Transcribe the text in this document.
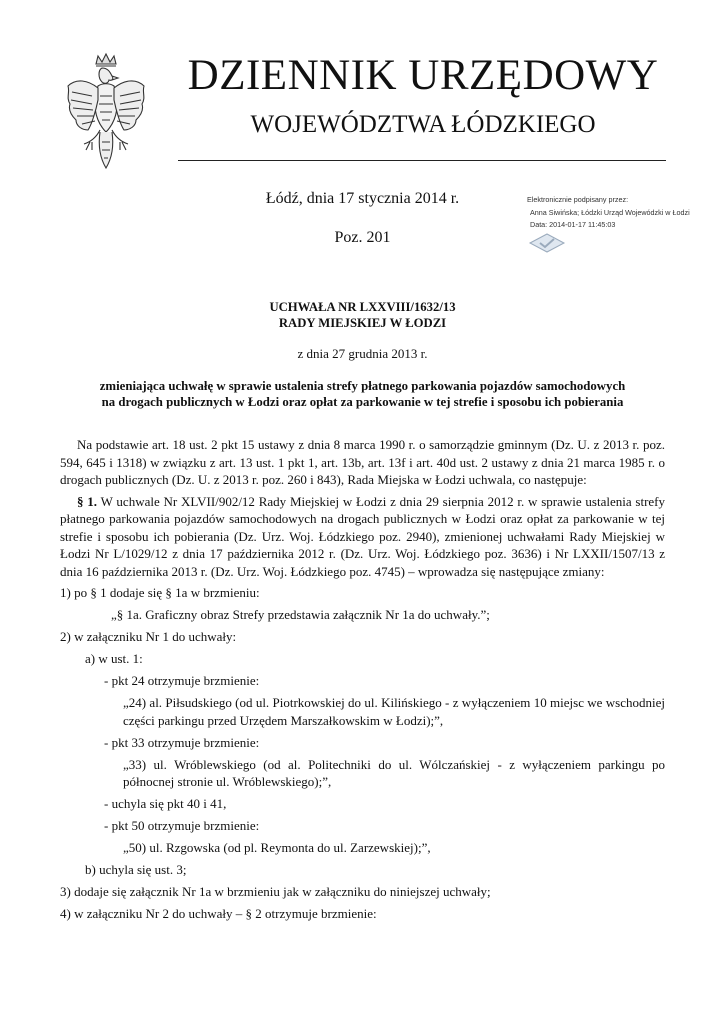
DZIENNIK URZĘDOWY
WOJEWÓDZTWA ŁÓDZKIEGO
Łódź, dnia 17 stycznia 2014 r.
Poz. 201
Elektronicznie podpisany przez:
Anna Siwińska; Łódzki Urząd Wojewódzki w Łodzi
Data: 2014-01-17 11:45:03
UCHWAŁA NR LXXVIII/1632/13
RADY MIEJSKIEJ W ŁODZI
z dnia 27 grudnia 2013 r.
zmieniająca uchwałę w sprawie ustalenia strefy płatnego parkowania pojazdów samochodowych
na drogach publicznych w Łodzi oraz opłat za parkowanie w tej strefie i sposobu ich pobierania

Na podstawie art. 18 ust. 2 pkt 15 ustawy z dnia 8 marca 1990 r. o samorządzie gminnym (Dz. U. z 2013 r. poz. 594, 645 i 1318) w związku z art. 13 ust. 1 pkt 1, art. 13b, art. 13f i art. 40d ust. 2 ustawy z dnia 21 marca 1985 r. o drogach publicznych (Dz. U. z 2013 r. poz. 260 i 843), Rada Miejska w Łodzi uchwala, co następuje:

§ 1. W uchwale Nr XLVII/902/12 Rady Miejskiej w Łodzi z dnia 29 sierpnia 2012 r. w sprawie ustalenia strefy płatnego parkowania pojazdów samochodowych na drogach publicznych w Łodzi oraz opłat za parkowanie w tej strefie i sposobu ich pobierania (Dz. Urz. Woj. Łódzkiego poz. 2940), zmienionej uchwałami Rady Miejskiej w Łodzi Nr L/1029/12 z dnia 17 października 2012 r. (Dz. Urz. Woj. Łódzkiego poz. 3636) i Nr LXXII/1507/13 z dnia 16 października 2013 r. (Dz. Urz. Woj. Łódzkiego poz. 4745) – wprowadza się następujące zmiany:

1) po § 1 dodaje się § 1a w brzmieniu:
„§ 1a. Graficzny obraz Strefy przedstawia załącznik Nr 1a do uchwały.”;
2) w załączniku Nr 1 do uchwały:
a) w ust. 1:
- pkt 24 otrzymuje brzmienie:
„24) al. Piłsudskiego (od ul. Piotrkowskiej do ul. Kilińskiego - z wyłączeniem 10 miejsc we wschodniej części parkingu przed Urzędem Marszałkowskim w Łodzi);”,
- pkt 33 otrzymuje brzmienie:
„33) ul. Wróblewskiego (od al. Politechniki do ul. Wólczańskiej - z wyłączeniem parkingu po północnej stronie ul. Wróblewskiego);”,
- uchyla się pkt 40 i 41,
- pkt 50 otrzymuje brzmienie:
„50) ul. Rzgowska (od pl. Reymonta do ul. Zarzewskiej);”,
b) uchyla się ust. 3;
3) dodaje się załącznik Nr 1a w brzmieniu jak w załączniku do niniejszej uchwały;
4) w załączniku Nr 2 do uchwały – § 2 otrzymuje brzmienie:
